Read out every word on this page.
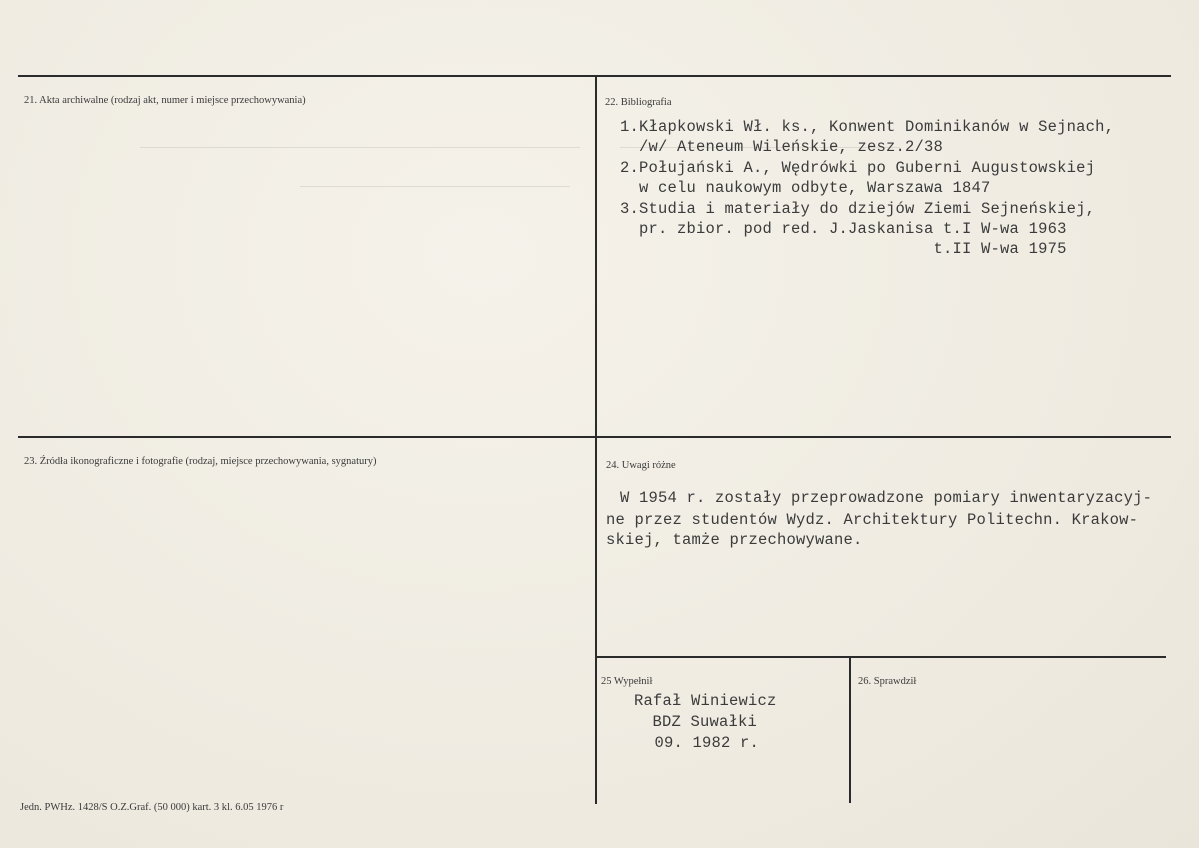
21. Akta archiwalne (rodzaj akt, numer i miejsce przechowywania)	22. Bibliografia
1.Kłapkowski Wł. ks., Konwent Dominikanów w Sejnach,
/w/ Ateneum Wileńskie, zesz.2/38
2.Połujański A., Wędrówki po Guberni Augustowskiej
w celu naukowym odbyte, Warszawa 1847
3.Studia i materiały do dziejów Ziemi Sejneńskiej,
pr. zbior. pod red. J.Jaskanisa t.I W-wa 1963
t.II W-wa 1975
23. Źródła ikonograficzne i fotografie (rodzaj, miejsce przechowywania, sygnatury)	24. Uwagi różne
W 1954 r. zostały przeprowadzone pomiary inwentaryzacyj-
ne przez studentów Wydz. Architektury Politechn. Krakow-
skiej, tamże przechowywane.
25 Wypełnił
Rafał Winiewicz
BDZ Suwałki
09. 1982 r.
26. Sprawdził
Jedn. PWHz. 1428/S O.Z.Graf. (50 000) kart. 3 kl. 6.05 1976 r
